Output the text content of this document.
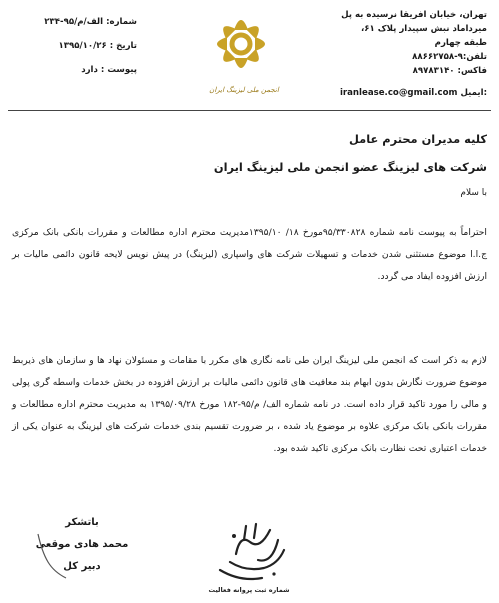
تهران، خیابان افریقا نرسیده به پل
میرداماد نبش سپیدار پلاک ۶۱،
طبقه چهارم
تلفن:۹-۸۸۶۶۲۷۵۸
فاکس: ۸۹۷۸۳۱۴۰
iranlease.co@gmail.com ایمیل:
انجمن ملی لیزینگ ایران
شماره: الف/م/۹۵-۲۳۴
تاریخ : ۱۳۹۵/۱۰/۲۶
پیوست : دارد
کلیه مدیران محترم عامل
شرکت های لیزینگ عضو انجمن ملی لیزینگ ایران
با سلام
احتراماً به پیوست نامه شماره ۹۵/۳۳۰۸۲۸مورخ ۱۸/ ۱۳۹۵/۱۰مدیریت محترم اداره مطالعات و مقررات بانکی بانک مرکزی ج.ا.ا موضوع مستثنی شدن خدمات و تسهیلات شرکت های واسپاری (لیزینگ) در پیش نویس لایحه قانون دائمی مالیات بر ارزش افزوده ایفاد می گردد.
لازم به ذکر است که انجمن ملی لیزینگ ایران طی نامه نگاری های مکرر با مقامات و مسئولان نهاد ها و سازمان های ذیربط موضوع ضرورت نگارش بدون ابهام بند معافیت های قانون دائمی مالیات بر ارزش افزوده در بخش خدمات واسطه گری پولی و مالی را مورد تاکید قرار داده است. در نامه شماره الف/ م/۹۵-۱۸۲ مورخ ۱۳۹۵/۰۹/۲۸ به مدیریت محترم اداره مطالعات و مقررات بانکی بانک مرکزی علاوه بر موضوع یاد شده ، بر ضرورت تقسیم بندی خدمات شرکت های لیزینگ به عنوان یکی از خدمات اعتباری تحت نظارت بانک مرکزی تاکید شده بود.
باتشکر
محمد هادی موقعی
دبیر کل
شماره ثبت پروانه فعالیت
